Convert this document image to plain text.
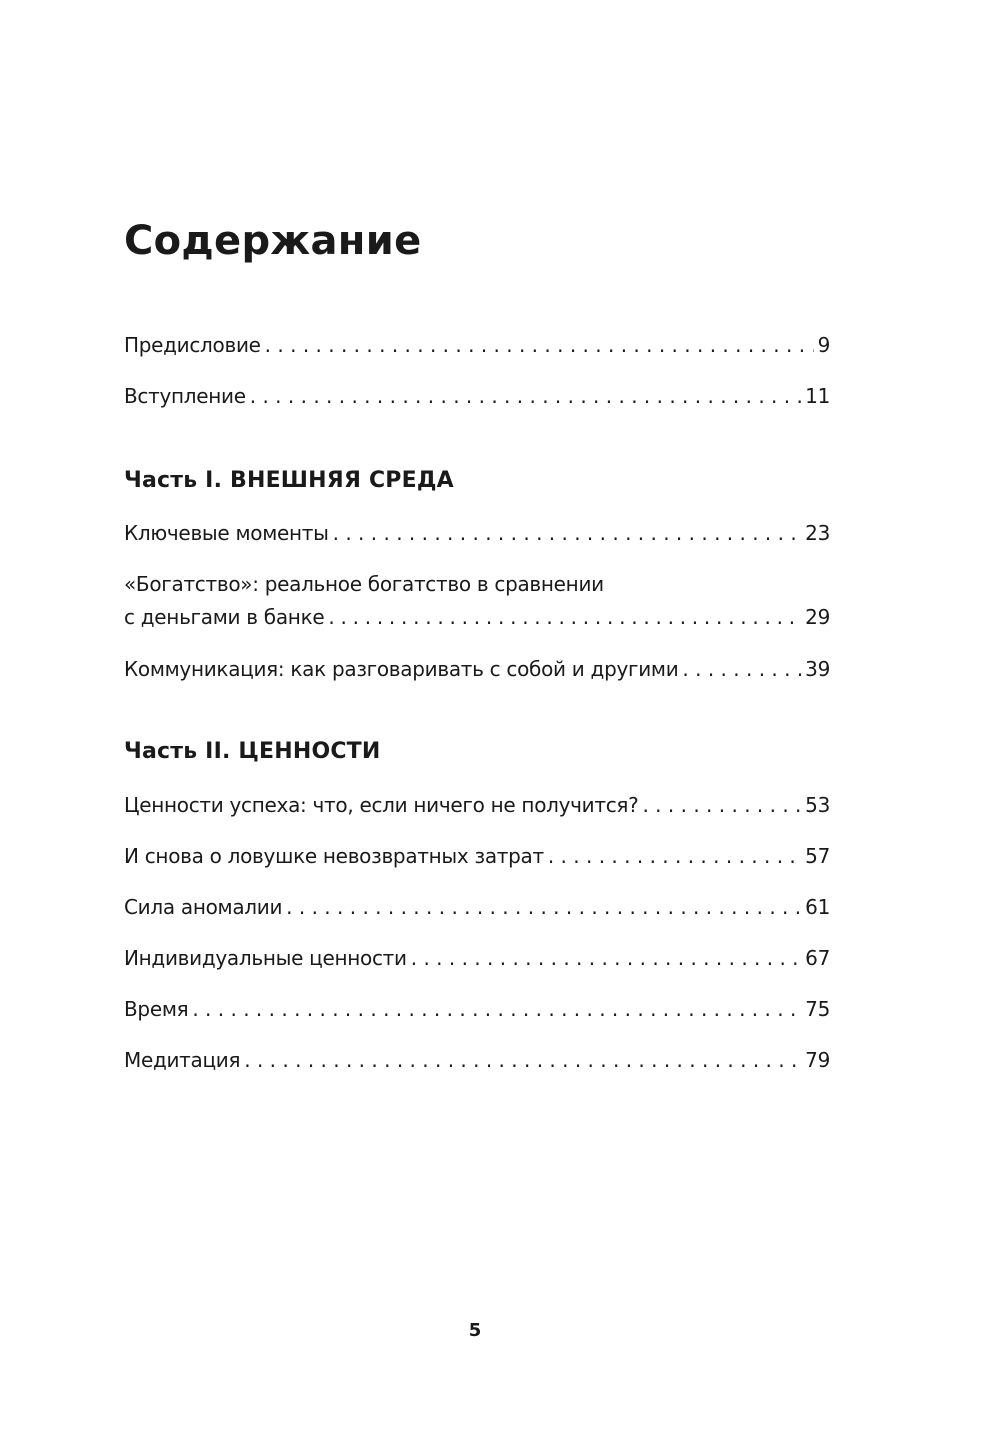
Содержание
Предисловие . . .	9
Вступление . . .	11
Часть I. ВНЕШНЯЯ СРЕДА
Ключевые моменты . . .	23
«Богатство»: реальное богатство в сравнении
с деньгами в банке . . .	29
Коммуникация: как разговаривать с собой и другими . . .	39
Часть II. ЦЕННОСТИ
Ценности успеха: что, если ничего не получится? . . .	53
И снова о ловушке невозвратных затрат . . .	57
Сила аномалии . . .	61
Индивидуальные ценности . . .	67
Время . . .	75
Медитация . . .	79
5
